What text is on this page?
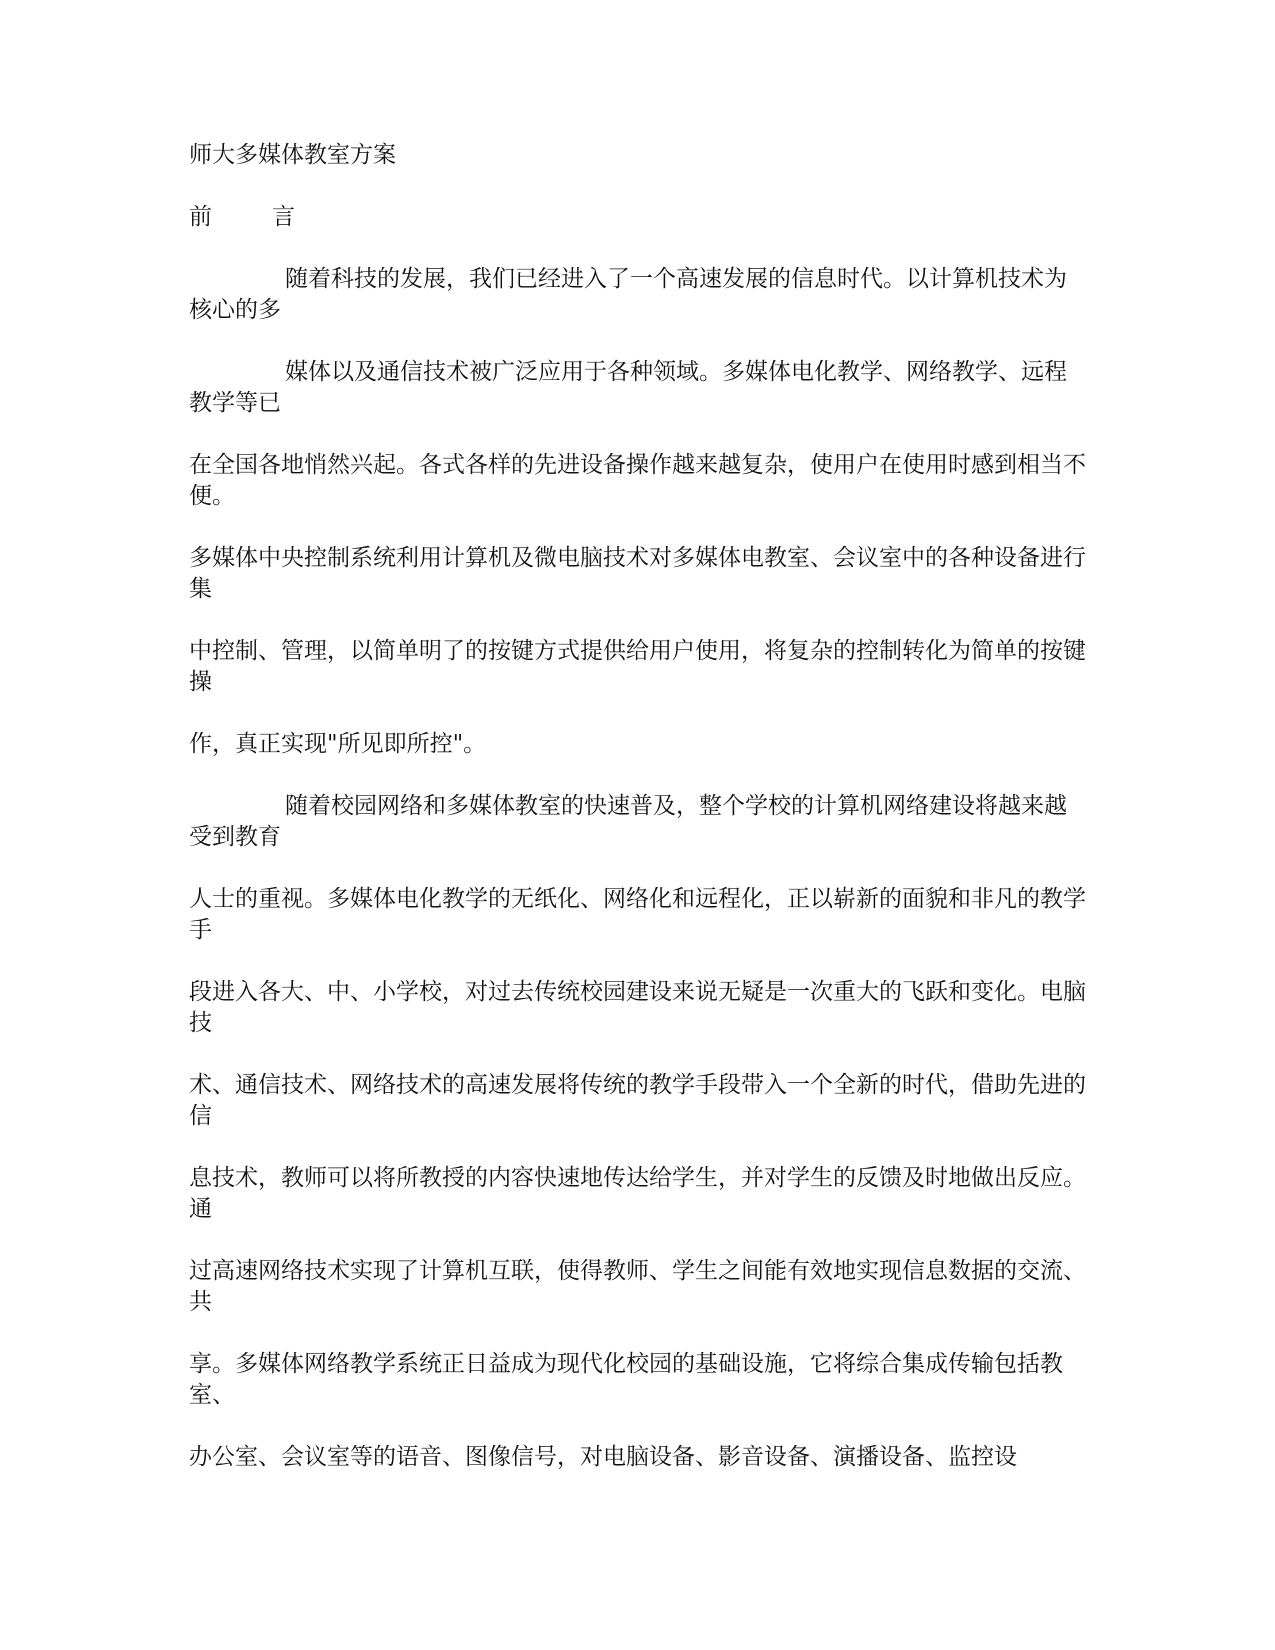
师大多媒体教室方案

前	言

随着科技的发展，我们已经进入了一个高速发展的信息时代。以计算机技术为核心的多

媒体以及通信技术被广泛应用于各种领域。多媒体电化教学、网络教学、远程教学等已

在全国各地悄然兴起。各式各样的先进设备操作越来越复杂，使用户在使用时感到相当不便。

多媒体中央控制系统利用计算机及微电脑技术对多媒体电教室、会议室中的各种设备进行集

中控制、管理，以简单明了的按键方式提供给用户使用，将复杂的控制转化为简单的按键操

作，真正实现"所见即所控"。

随着校园网络和多媒体教室的快速普及，整个学校的计算机网络建设将越来越受到教育

人士的重视。多媒体电化教学的无纸化、网络化和远程化，正以崭新的面貌和非凡的教学手

段进入各大、中、小学校，对过去传统校园建设来说无疑是一次重大的飞跃和变化。电脑技

术、通信技术、网络技术的高速发展将传统的教学手段带入一个全新的时代，借助先进的信

息技术，教师可以将所教授的内容快速地传达给学生，并对学生的反馈及时地做出反应。通

过高速网络技术实现了计算机互联，使得教师、学生之间能有效地实现信息数据的交流、共

享。多媒体网络教学系统正日益成为现代化校园的基础设施，它将综合集成传输包括教室、

办公室、会议室等的语音、图像信号，对电脑设备、影音设备、演播设备、监控设
